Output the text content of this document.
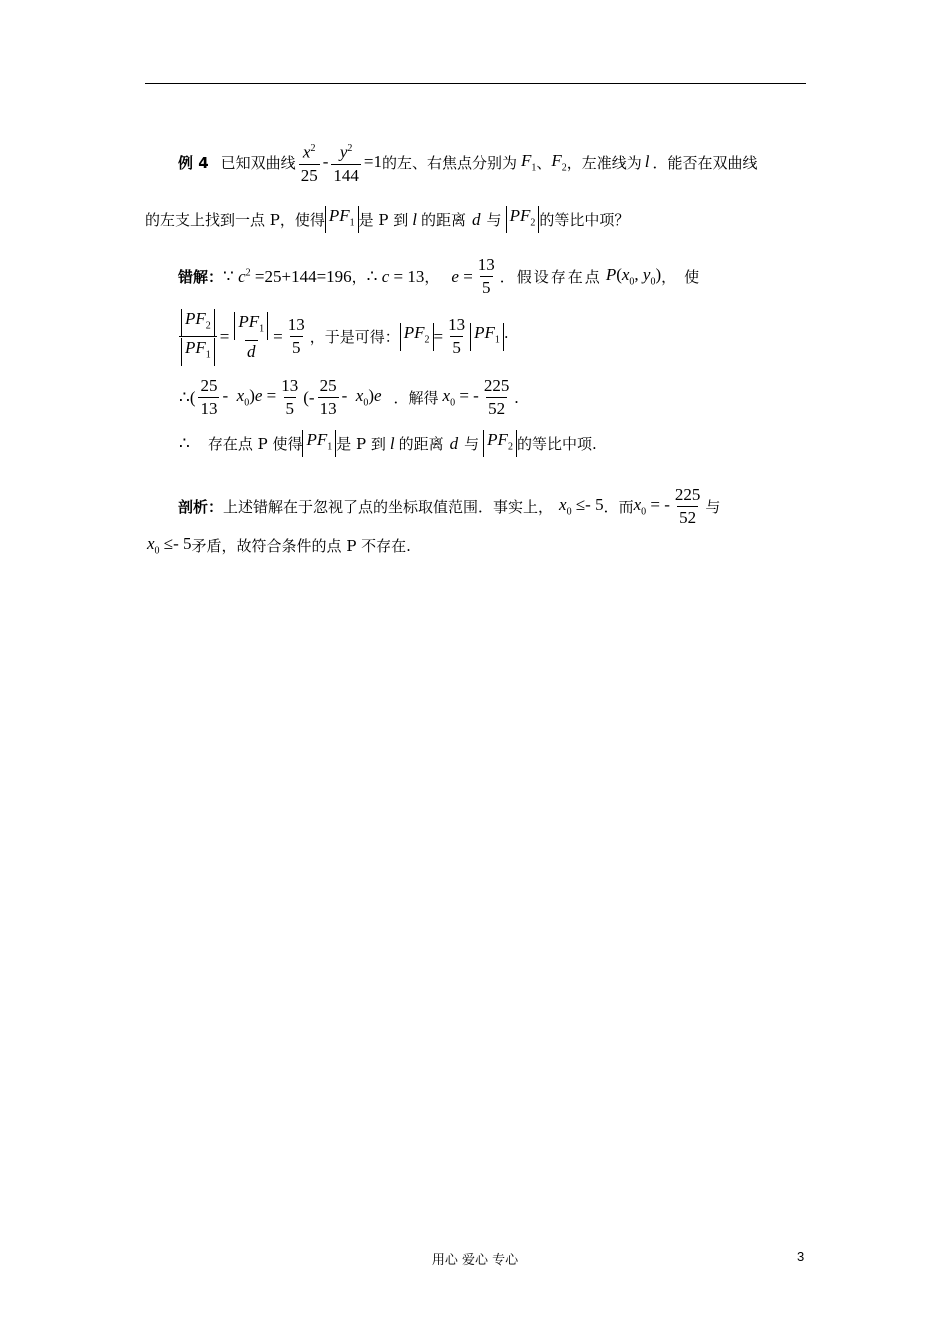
例 4 已知双曲线 $\frac{x^2}{25} - \frac{y^2}{144} =1$ 的左、右焦点分别为 $F_1$ 、 $F_2$ ，左准线为 l ．能否在双曲线
的左支上找到一点 P，使得 $PF_1$ 是 P 到 l 的距离 d 与 $PF_2$ 的等比中项？
错解： ∵ $c^2 =25+144=196$ ， ∴ c = 13 ， $e = \frac{13}{5}$ ．假设存在点 $P(x_0$, $y_0$) ，使
$\frac{PF_2}{PF_1} = \frac{PF_1}{d} = \frac{13}{5}$ ，于是可得： $PF_2 = \frac{13}{5} PF_1$ ·
∴( $\frac{25}{13} - x_0)e = \frac{13}{5}$ (- $\frac{25}{13} - x_0)e$ ．解得 $x_0$ = - $\frac{225}{52}$ .
∴ 存在点 P 使得 $PF_1$ 是 P 到 l 的距离 d 与 $PF_2$ 的等比中项.
剖析： 上述错解在于忽视了点的坐标取值范围．事实上， $x_0 \le- 5$ ．而 $x_0$ = - $\frac{225}{52}$ 与
$x_0 \le- 5$ 矛盾，故符合条件的点 P 不存在.
用心 爱心 专心	3
